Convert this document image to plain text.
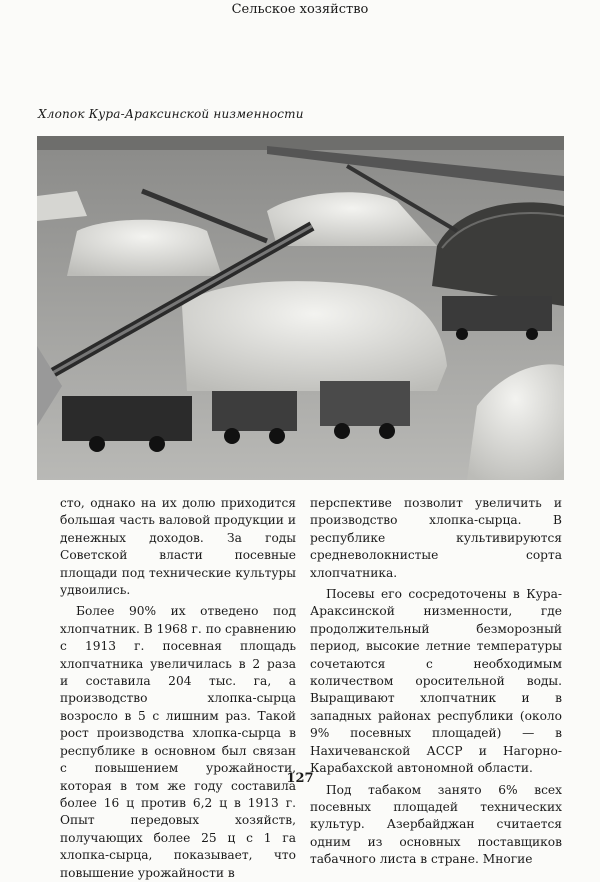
Сельское хозяйство
Хлопок Кура-Араксинской низменности

сто, однако на их долю приходится большая часть валовой продукции и денежных доходов. За годы Советской власти посевные площади под технические культуры удвоились.

Более 90% их отведено под хлопчатник. В 1968 г. по сравнению с 1913 г. посевная площадь хлопчатника увеличилась в 2 раза и составила 204 тыс. га, а производство хлопка-сырца возросло в 5 с лишним раз. Такой рост производства хлопка-сырца в республике в основном был связан с повышением урожайности, которая в том же году составила более 16 ц против 6,2 ц в 1913 г. Опыт передовых хозяйств, получающих более 25 ц с 1 га хлопка-сырца, показывает, что повышение урожайности в

перспективе позволит увеличить и производство хлопка-сырца. В республике культивируются средневолокнистые сорта хлопчатника.

Посевы его сосредоточены в Кура-Араксинской низменности, где продолжительный безморозный период, высокие летние температуры сочетаются с необходимым количеством оросительной воды. Выращивают хлопчатник и в западных районах республики (около 9% посевных площадей) — в Нахичеванской АССР и Нагорно-Карабахской автономной области.

Под табаком занято 6% всех посевных площадей технических культур. Азербайджан считается одним из основных поставщиков табачного листа в стране. Многие

127
